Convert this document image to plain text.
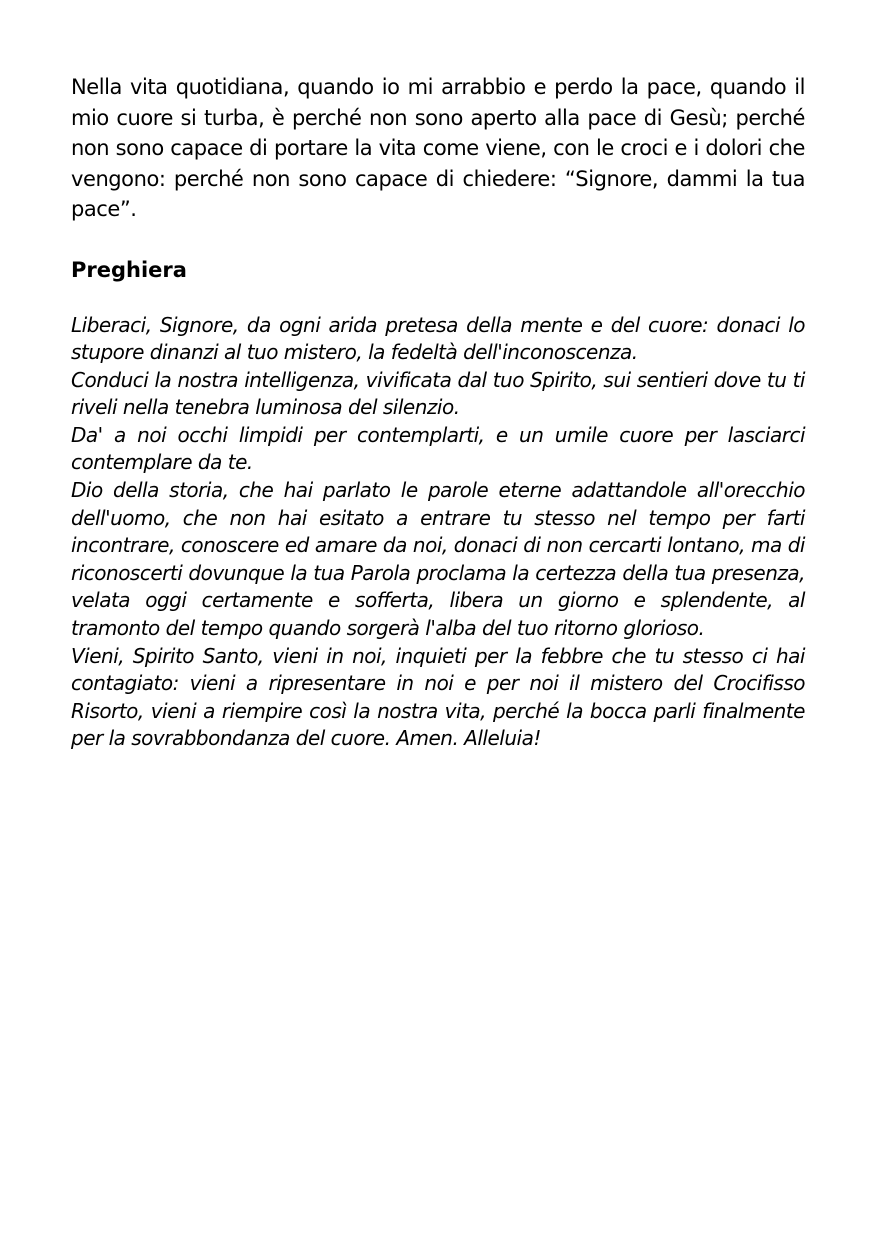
Nella vita quotidiana, quando io mi arrabbio e perdo la pace, quando il mio cuore si turba, è perché non sono aperto alla pace di Gesù; perché non sono capace di portare la vita come viene, con le croci e i dolori che vengono: perché non sono capace di chiedere: “Signore, dammi la tua pace”.

Preghiera

Liberaci, Signore, da ogni arida pretesa della mente e del cuore: donaci lo stupore dinanzi al tuo mistero, la fedeltà dell'inconoscenza.

Conduci la nostra intelligenza, vivificata dal tuo Spirito, sui sentieri dove tu ti riveli nella tenebra luminosa del silenzio.

Da' a noi occhi limpidi per contemplarti, e un umile cuore per lasciarci contemplare da te.

Dio della storia, che hai parlato le parole eterne adattandole all'orecchio dell'uomo, che non hai esitato a entrare tu stesso nel tempo per farti incontrare, conoscere ed amare da noi, donaci di non cercarti lontano, ma di riconoscerti dovunque la tua Parola proclama la certezza della tua presenza, velata oggi certamente e sofferta, libera un giorno e splendente, al tramonto del tempo quando sorgerà l'alba del tuo ritorno glorioso.

Vieni, Spirito Santo, vieni in noi, inquieti per la febbre che tu stesso ci hai contagiato: vieni a ripresentare in noi e per noi il mistero del Crocifisso Risorto, vieni a riempire così la nostra vita, perché la bocca parli finalmente per la sovrabbondanza del cuore. Amen. Alleluia!
